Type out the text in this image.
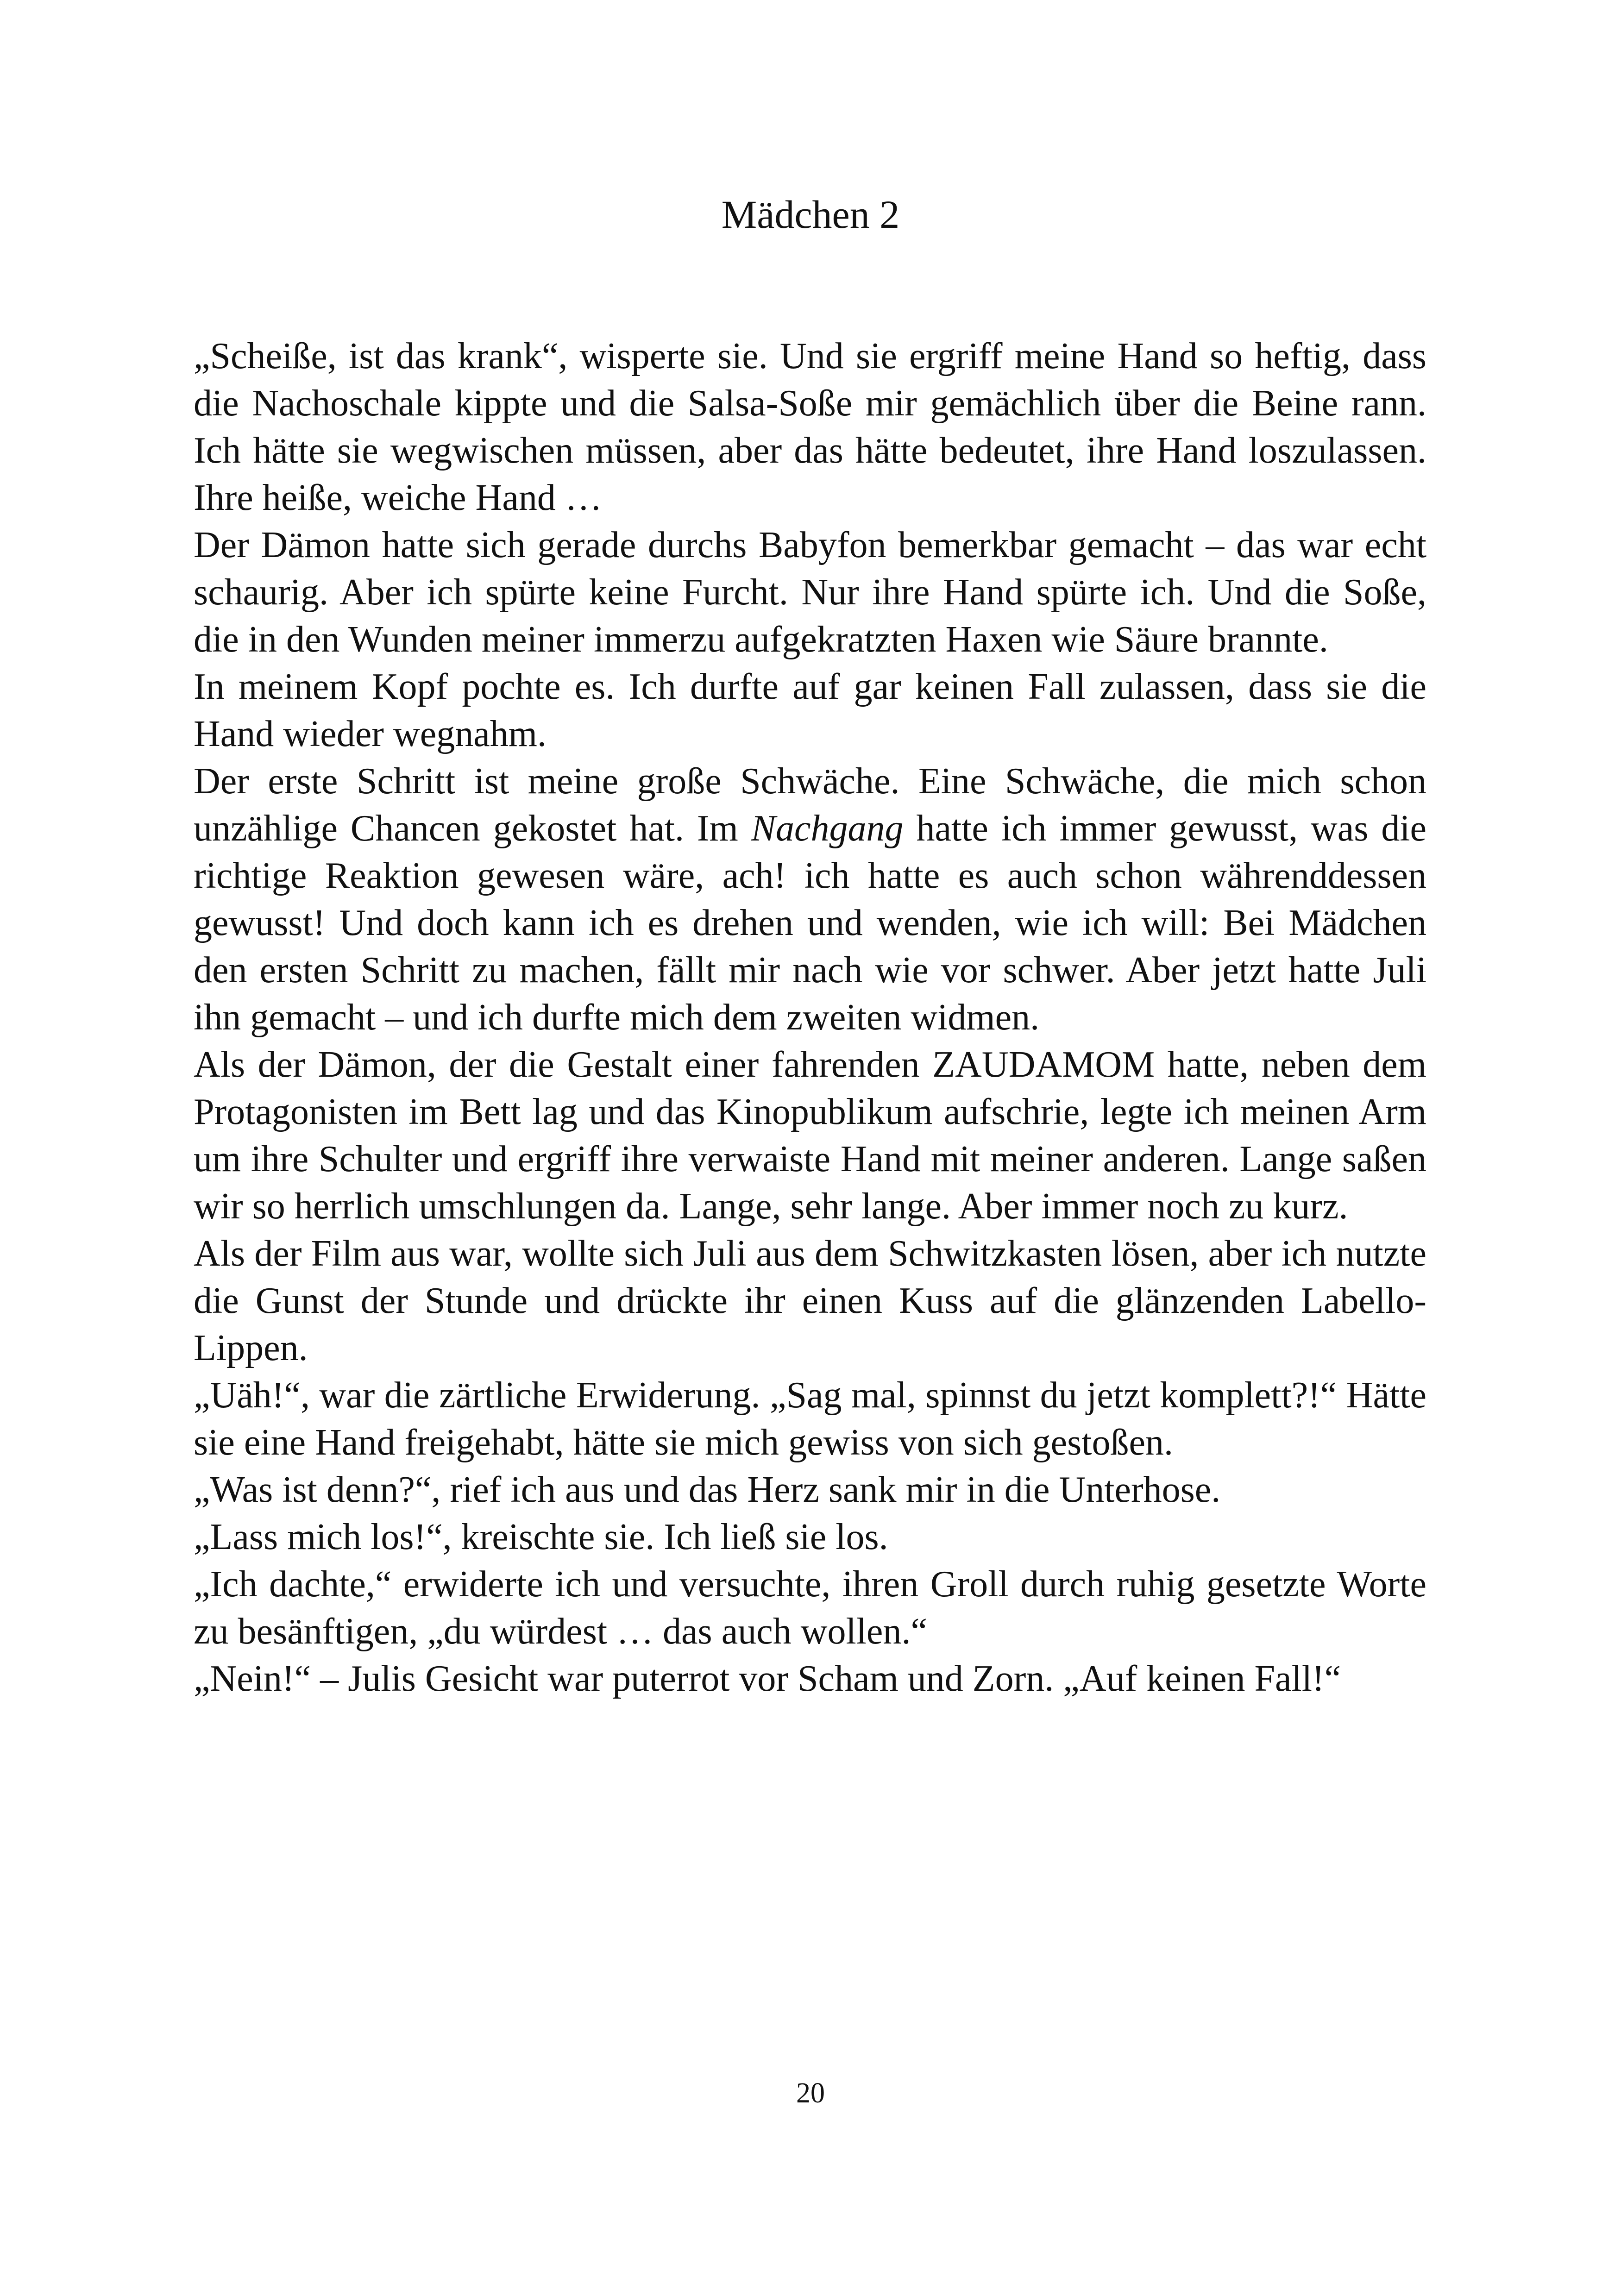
Mädchen 2

„Scheiße, ist das krank“, wisperte sie. Und sie ergriff meine Hand so heftig, dass die Nachoschale kippte und die Salsa-Soße mir gemächlich über die Beine rann. Ich hätte sie wegwischen müssen, aber das hätte bedeutet, ihre Hand loszulassen. Ihre heiße, weiche Hand …

Der Dämon hatte sich gerade durchs Babyfon bemerkbar gemacht – das war echt schaurig. Aber ich spürte keine Furcht. Nur ihre Hand spürte ich. Und die Soße, die in den Wunden meiner immerzu aufgekratzten Haxen wie Säure brannte.

In meinem Kopf pochte es. Ich durfte auf gar keinen Fall zulassen, dass sie die Hand wieder wegnahm.

Der erste Schritt ist meine große Schwäche. Eine Schwäche, die mich schon unzählige Chancen gekostet hat. Im Nachgang hatte ich immer gewusst, was die richtige Reaktion gewesen wäre, ach! ich hatte es auch schon währenddessen gewusst! Und doch kann ich es drehen und wenden, wie ich will: Bei Mädchen den ersten Schritt zu machen, fällt mir nach wie vor schwer. Aber jetzt hatte Juli ihn gemacht – und ich durfte mich dem zweiten widmen.

Als der Dämon, der die Gestalt einer fahrenden ZAUDAMOM hatte, neben dem Protagonisten im Bett lag und das Kinopublikum aufschrie, legte ich meinen Arm um ihre Schulter und ergriff ihre verwaiste Hand mit meiner anderen. Lange saßen wir so herrlich umschlungen da. Lange, sehr lange. Aber immer noch zu kurz.

Als der Film aus war, wollte sich Juli aus dem Schwitzkasten lösen, aber ich nutzte die Gunst der Stunde und drückte ihr einen Kuss auf die glänzenden Labello-Lippen.

„Uäh!“, war die zärtliche Erwiderung. „Sag mal, spinnst du jetzt komplett?!“ Hätte sie eine Hand freigehabt, hätte sie mich gewiss von sich gestoßen.

„Was ist denn?“, rief ich aus und das Herz sank mir in die Unterhose.

„Lass mich los!“, kreischte sie. Ich ließ sie los.

„Ich dachte,“ erwiderte ich und versuchte, ihren Groll durch ruhig gesetzte Worte zu besänftigen, „du würdest … das auch wollen.“

„Nein!“ – Julis Gesicht war puterrot vor Scham und Zorn. „Auf keinen Fall!“

20
